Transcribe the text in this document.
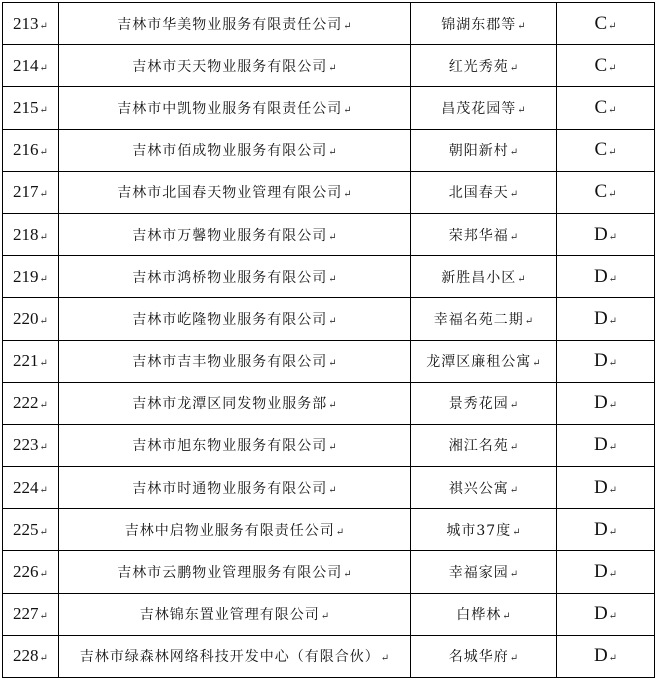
213↵	吉林市华美物业服务有限责任公司↵	锦湖东郡等↵	C↵
214↵	吉林市天天物业服务有限公司↵	红光秀苑↵	C↵
215↵	吉林市中凯物业服务有限责任公司↵	昌茂花园等↵	C↵
216↵	吉林市佰成物业服务有限公司↵	朝阳新村↵	C↵
217↵	吉林市北国春天物业管理有限公司↵	北国春天↵	C↵
218↵	吉林市万馨物业服务有限公司↵	荣邦华福↵	D↵
219↵	吉林市鸿桥物业服务有限公司↵	新胜昌小区↵	D↵
220↵	吉林市屹隆物业服务有限公司↵	幸福名苑二期↵	D↵
221↵	吉林市吉丰物业服务有限公司↵	龙潭区廉租公寓↵	D↵
222↵	吉林市龙潭区同发物业服务部↵	景秀花园↵	D↵
223↵	吉林市旭东物业服务有限公司↵	湘江名苑↵	D↵
224↵	吉林市时通物业服务有限公司↵	祺兴公寓↵	D↵
225↵	吉林中启物业服务有限责任公司↵	城市37度↵	D↵
226↵	吉林市云鹏物业管理服务有限公司↵	幸福家园↵	D↵
227↵	吉林锦东置业管理有限公司↵	白桦林↵	D↵
228↵	吉林市绿森林网络科技开发中心（有限合伙）↵	名城华府↵	D↵
